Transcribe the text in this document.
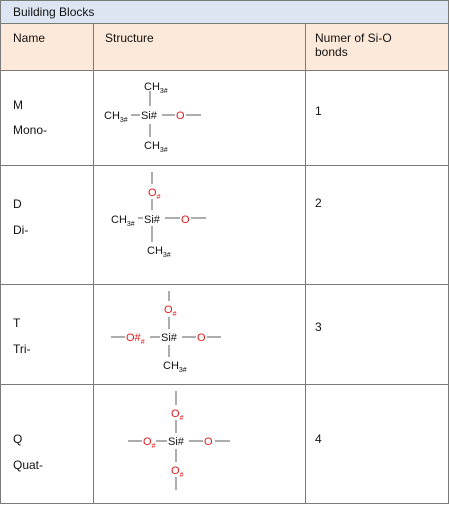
Building Blocks
Name	Structure	Numer of Si-O
bonds
M
Mono-
$CH_{3\#}$
$CH_{3\#}$ Si# O
$CH_{3\#}$
1
D
Di-
$O_{\#}$
$CH_{3\#}$ Si# O
$CH_{3\#}$
2
T
Tri-
$O_{\#}$
$O\#_{\#}$ Si# O
$CH_{3\#}$
3
Q
Quat-
$O_{\#}$
$O_{\#}$ Si# O
$O_{\#}$
4
